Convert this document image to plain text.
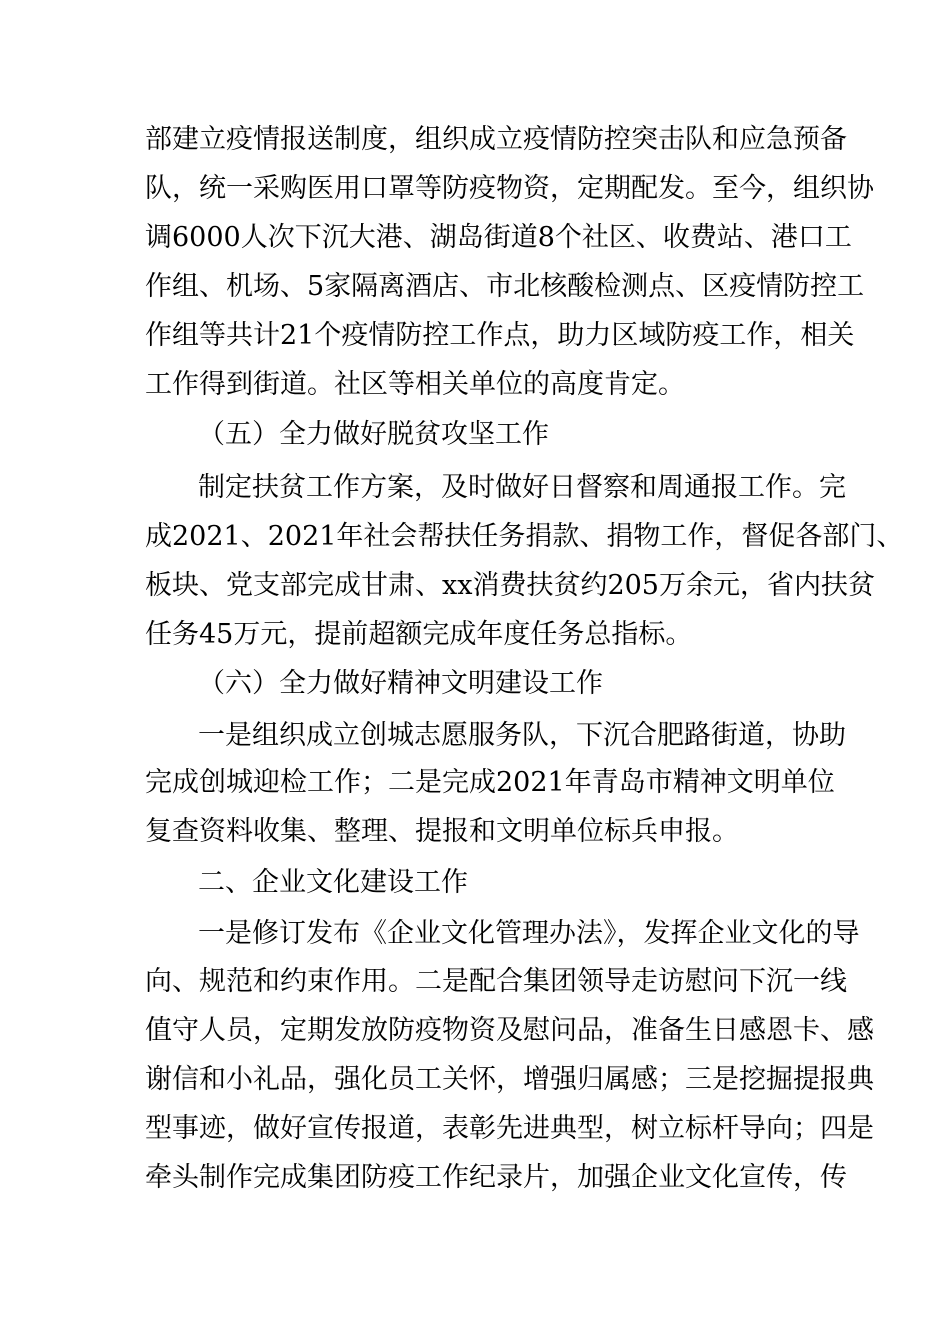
部建立疫情报送制度，组织成立疫情防控突击队和应急预备
队，统一采购医用口罩等防疫物资，定期配发。至今，组织协
调6000人次下沉大港、湖岛街道8个社区、收费站、港口工
作组、机场、5家隔离酒店、市北核酸检测点、区疫情防控工
作组等共计21个疫情防控工作点，助力区域防疫工作，相关
工作得到街道。社区等相关单位的高度肯定。
（五）全力做好脱贫攻坚工作
制定扶贫工作方案，及时做好日督察和周通报工作。完
成2021、2021年社会帮扶任务捐款、捐物工作，督促各部门、
板块、党支部完成甘肃、xx消费扶贫约205万余元，省内扶贫
任务45万元，提前超额完成年度任务总指标。
（六）全力做好精神文明建设工作
一是组织成立创城志愿服务队，下沉合肥路街道，协助
完成创城迎检工作；二是完成2021年青岛市精神文明单位
复查资料收集、整理、提报和文明单位标兵申报。
二、企业文化建设工作
一是修订发布《企业文化管理办法》，发挥企业文化的导
向、规范和约束作用。二是配合集团领导走访慰问下沉一线
值守人员，定期发放防疫物资及慰问品，准备生日感恩卡、感
谢信和小礼品，强化员工关怀，增强归属感；三是挖掘提报典
型事迹，做好宣传报道，表彰先进典型，树立标杆导向；四是
牵头制作完成集团防疫工作纪录片，加强企业文化宣传，传
